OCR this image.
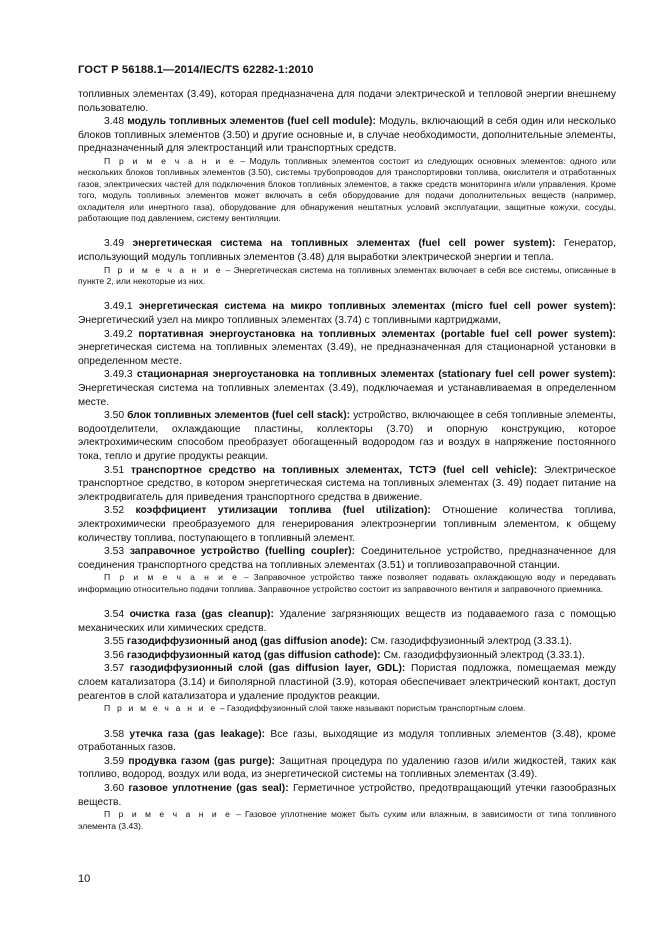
ГОСТ Р 56188.1—2014/IEC/TS 62282-1:2010

топливных элементах (3.49), которая предназначена для подачи электрической и тепловой энергии внешнему пользователю.

3.48 модуль топливных элементов (fuel cell module): Модуль, включающий в себя один или несколько блоков топливных элементов (3.50) и другие основные и, в случае необходимости, дополнительные элементы, предназначенный для электростанций или транспортных средств.

П р и м е ч а н и е – Модуль топливных элементов состоит из следующих основных элементов: одного или нескольких блоков топливных элементов (3.50), системы трубопроводов для транспортировки топлива, окислителя и отработанных газов, электрических частей для подключения блоков топливных элементов, а также средств мониторинга и/или управления. Кроме того, модуль топливных элементов может включать в себя оборудование для подачи дополнительных веществ (например, охладителя или инертного газа), оборудование для обнаружения нештатных условий эксплуатации, защитные кожухи, сосуды, работающие под давлением, систему вентиляции.

3.49 энергетическая система на топливных элементах (fuel cell power system): Генератор, использующий модуль топливных элементов (3.48) для выработки электрической энергии и тепла.

П р и м е ч а н и е – Энергетическая система на топливных элементах включает в себя все системы, описанные в пункте 2, или некоторые из них.

3.49.1 энергетическая система на микро топливных элементах (micro fuel cell power system): Энергетический узел на микро топливных элементах (3.74) с топливными картриджами,

3.49.2 портативная энергоустановка на топливных элементах (portable fuel cell power system): энергетическая система на топливных элементах (3.49), не предназначенная для стационарной установки в определенном месте.

3.49.3 стационарная энергоустановка на топливных элементах (stationary fuel cell power system): Энергетическая система на топливных элементах (3.49), подключаемая и устанавливаемая в определенном месте.

3.50 блок топливных элементов (fuel cell stack): устройство, включающее в себя топливные элементы, водоотделители, охлаждающие пластины, коллекторы (3.70) и опорную конструкцию, которое электрохимическим способом преобразует обогащенный водородом газ и воздух в напряжение постоянного тока, тепло и другие продукты реакции.

3.51 транспортное средство на топливных элементах, ТСТЭ (fuel cell vehicle): Электрическое транспортное средство, в котором энергетическая система на топливных элементах (3. 49) подает питание на электродвигатель для приведения транспортного средства в движение.

3.52 коэффициент утилизации топлива (fuel utilization): Отношение количества топлива, электрохимически преобразуемого для генерирования электроэнергии топливным элементом, к общему количеству топлива, поступающего в топливный элемент.

3.53 заправочное устройство (fuelling coupler): Соединительное устройство, предназначенное для соединения транспортного средства на топливных элементах (3.51) и топливозаправочной станции.

П р и м е ч а н и е – Заправочное устройство также позволяет подавать охлаждающую воду и передавать информацию относительно подачи топлива. Заправочное устройство состоит из заправочного вентиля и заправочного приемника.

3.54 очистка газа (gas cleanup): Удаление загрязняющих веществ из подаваемого газа с помощью механических или химических средств.

3.55 газодиффузионный анод (gas diffusion anode): См. газодиффузионный электрод (3.33.1).

3.56 газодиффузионный катод (gas diffusion cathode): См. газодиффузионный электрод (3.33.1).

3.57 газодиффузионный слой (gas diffusion layer, GDL): Пористая подложка, помещаемая между слоем катализатора (3.14) и биполярной пластиной (3.9), которая обеспечивает электрический контакт, доступ реагентов в слой катализатора и удаление продуктов реакции.

П р и м е ч а н и е – Газодиффузионный слой также называют пористым транспортным слоем.

3.58 утечка газа (gas leakage): Все газы, выходящие из модуля топливных элементов (3.48), кроме отработанных газов.

3.59 продувка газом (gas purge): Защитная процедура по удалению газов и/или жидкостей, таких как топливо, водород, воздух или вода, из энергетической системы на топливных элементах (3.49).

3.60 газовое уплотнение (gas seal): Герметичное устройство, предотвращающий утечки газообразных веществ.

П р и м е ч а н и е – Газовое уплотнение может быть сухим или влажным, в зависимости от типа топливного элемента (3.43).

10
